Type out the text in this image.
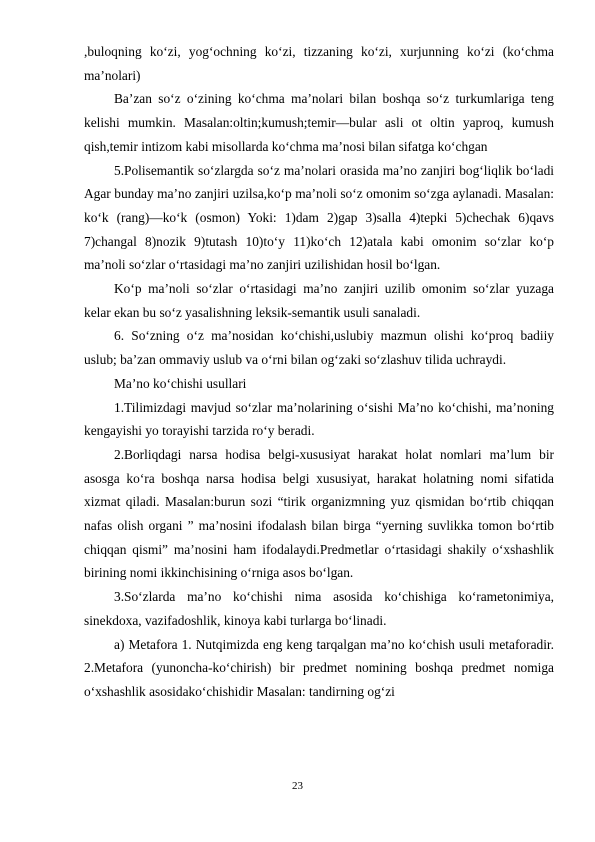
,buloqning ko‘zi, yog‘ochning ko‘zi, tizzaning ko‘zi, xurjunning ko‘zi (ko‘chma ma’nolari)

Ba’zan so‘z o‘zining ko‘chma ma’nolari bilan boshqa so‘z turkumlariga teng kelishi mumkin. Masalan:oltin;kumush;temir—bular asli ot oltin yaproq, kumush qish,temir intizom kabi misollarda ko‘chma ma’nosi bilan sifatga ko‘chgan

5.Polisemantik so‘zlargda so‘z ma’nolari orasida ma’no zanjiri bog‘liqlik bo‘ladi Agar bunday ma’no zanjiri uzilsa,ko‘p ma’noli so‘z omonim so‘zga aylanadi. Masalan: ko‘k (rang)—ko‘k (osmon) Yoki: 1)dam 2)gap 3)salla 4)tepki 5)chechak 6)qavs 7)changal 8)nozik 9)tutash 10)to‘y 11)ko‘ch 12)atala kabi omonim so‘zlar ko‘p ma’noli so‘zlar o‘rtasidagi ma’no zanjiri uzilishidan hosil bo‘lgan.

Ko‘p ma’noli so‘zlar o‘rtasidagi ma’no zanjiri uzilib omonim so‘zlar yuzaga kelar ekan bu so‘z yasalishning leksik-semantik usuli sanaladi.

6. So‘zning o‘z ma’nosidan ko‘chishi,uslubiy mazmun olishi ko‘proq badiiy uslub; ba’zan ommaviy uslub va o‘rni bilan og‘zaki so‘zlashuv tilida uchraydi.

Ma’no ko‘chishi usullari

1.Tilimizdagi mavjud so‘zlar ma’nolarining o‘sishi Ma’no ko‘chishi, ma’noning kengayishi yo torayishi tarzida ro‘y beradi.

2.Borliqdagi narsa hodisa belgi-xususiyat harakat holat nomlari ma’lum bir asosga ko‘ra boshqa narsa hodisa belgi xususiyat, harakat holatning nomi sifatida xizmat qiladi. Masalan:burun sozi “tirik organizmning yuz qismidan bo‘rtib chiqqan nafas olish organi ” ma’nosini ifodalash bilan birga “yerning suvlikka tomon bo‘rtib chiqqan qismi” ma’nosini ham ifodalaydi.Predmetlar o‘rtasidagi shakily o‘xshashlik birining nomi ikkinchisining o‘rniga asos bo‘lgan.

3.So‘zlarda ma’no ko‘chishi nima asosida ko‘chishiga ko‘rametonimiya, sinekdoxa, vazifadoshlik, kinoya kabi turlarga bo‘linadi.

a) Metafora 1. Nutqimizda eng keng tarqalgan ma’no ko‘chish usuli metaforadir. 2.Metafora (yunoncha-ko‘chirish) bir predmet nomining boshqa predmet nomiga o‘xshashlik asosidako‘chishidir Masalan: tandirning og‘zi

23
